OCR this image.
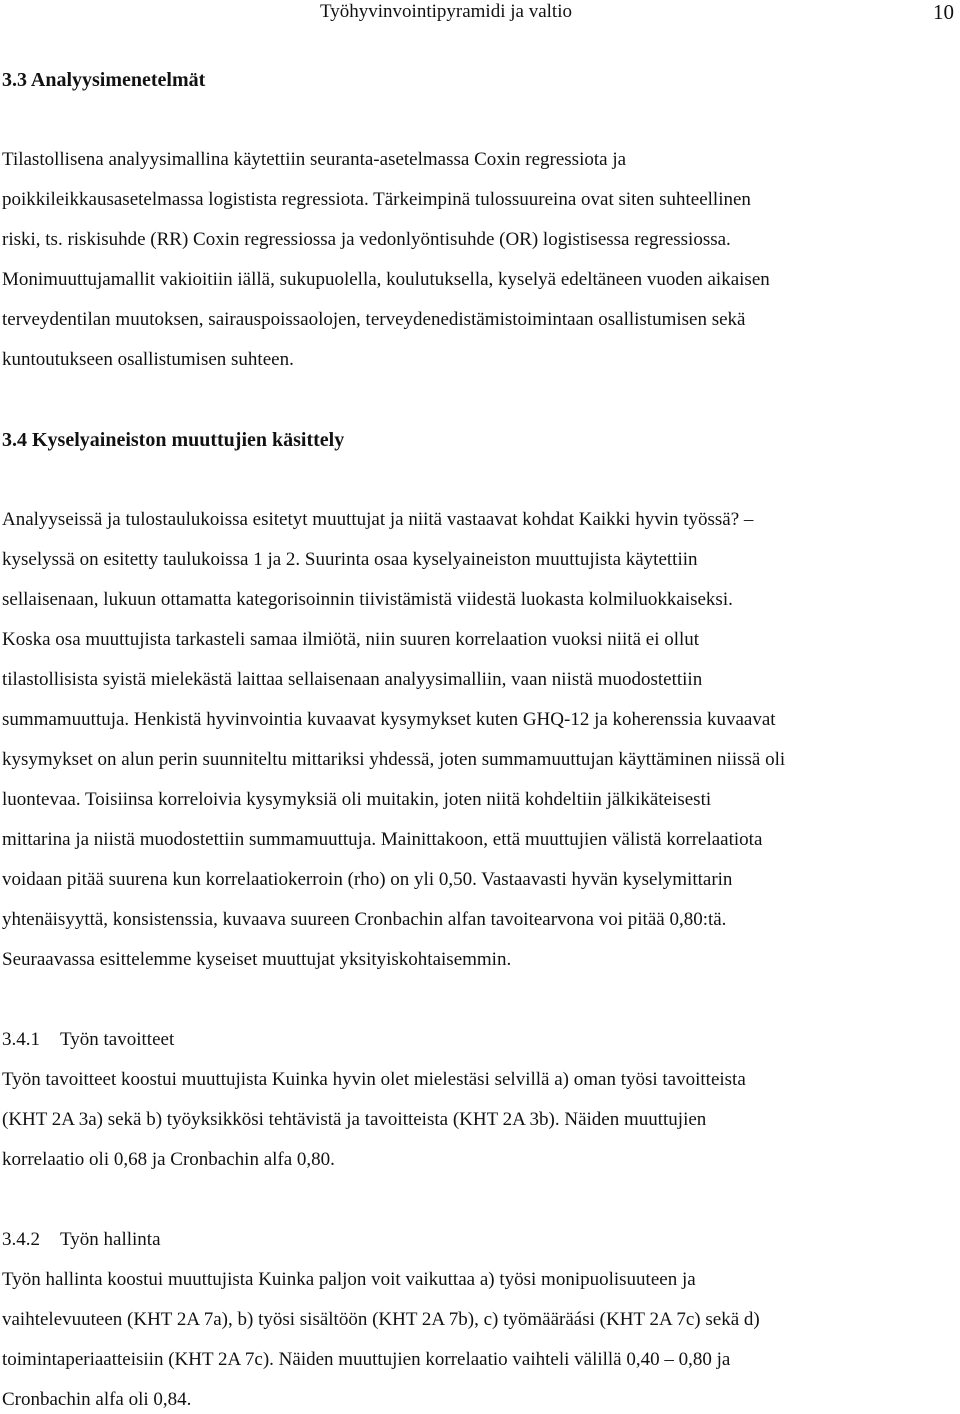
Työhyvinvointipyramidi ja valtio	10
3.3 Analyysimenetelmät
Tilastollisena analyysimallina käytettiin seuranta-asetelmassa Coxin regressiota ja
poikkileikkausasetelmassa logistista regressiota. Tärkeimpinä tulossuureina ovat siten suhteellinen
riski, ts. riskisuhde (RR) Coxin regressiossa ja vedonlyöntisuhde (OR) logistisessa regressiossa.
Monimuuttujamallit vakioitiin iällä, sukupuolella, koulutuksella, kyselyä edeltäneen vuoden aikaisen
terveydentilan muutoksen, sairauspoissaolojen, terveydenedistämistoimintaan osallistumisen sekä
kuntoutukseen osallistumisen suhteen.
3.4 Kyselyaineiston muuttujien käsittely
Analyyseissä ja tulostaulukoissa esitetyt muuttujat ja niitä vastaavat kohdat Kaikki hyvin työssä? –
kyselyssä on esitetty taulukoissa 1 ja 2. Suurinta osaa kyselyaineiston muuttujista käytettiin
sellaisenaan, lukuun ottamatta kategorisoinnin tiivistämistä viidestä luokasta kolmiluokkaiseksi.
Koska osa muuttujista tarkasteli samaa ilmiötä, niin suuren korrelaation vuoksi niitä ei ollut
tilastollisista syistä mielekästä laittaa sellaisenaan analyysimalliin, vaan niistä muodostettiin
summamuuttuja. Henkistä hyvinvointia kuvaavat kysymykset kuten GHQ-12 ja koherenssia kuvaavat
kysymykset on alun perin suunniteltu mittariksi yhdessä, joten summamuuttujan käyttäminen niissä oli
luontevaa. Toisiinsa korreloivia kysymyksiä oli muitakin, joten niitä kohdeltiin jälkikäteisesti
mittarina ja niistä muodostettiin summamuuttuja. Mainittakoon, että muuttujien välistä korrelaatiota
voidaan pitää suurena kun korrelaatiokerroin (rho) on yli 0,50. Vastaavasti hyvän kyselymittarin
yhtenäisyyttä, konsistenssia, kuvaava suureen Cronbachin alfan tavoitearvona voi pitää 0,80:tä.
Seuraavassa esittelemme kyseiset muuttujat yksityiskohtaisemmin.
3.4.1 Työn tavoitteet
Työn tavoitteet koostui muuttujista Kuinka hyvin olet mielestäsi selvillä a) oman työsi tavoitteista
(KHT 2A 3a) sekä b) työyksikkösi tehtävistä ja tavoitteista (KHT 2A 3b). Näiden muuttujien
korrelaatio oli 0,68 ja Cronbachin alfa 0,80.
3.4.2 Työn hallinta
Työn hallinta koostui muuttujista Kuinka paljon voit vaikuttaa a) työsi monipuolisuuteen ja
vaihtelevuuteen (KHT 2A 7a), b) työsi sisältöön (KHT 2A 7b), c) työmääräási (KHT 2A 7c) sekä d)
toimintaperiaatteisiin (KHT 2A 7c). Näiden muuttujien korrelaatio vaihteli välillä 0,40 – 0,80 ja
Cronbachin alfa oli 0,84.
